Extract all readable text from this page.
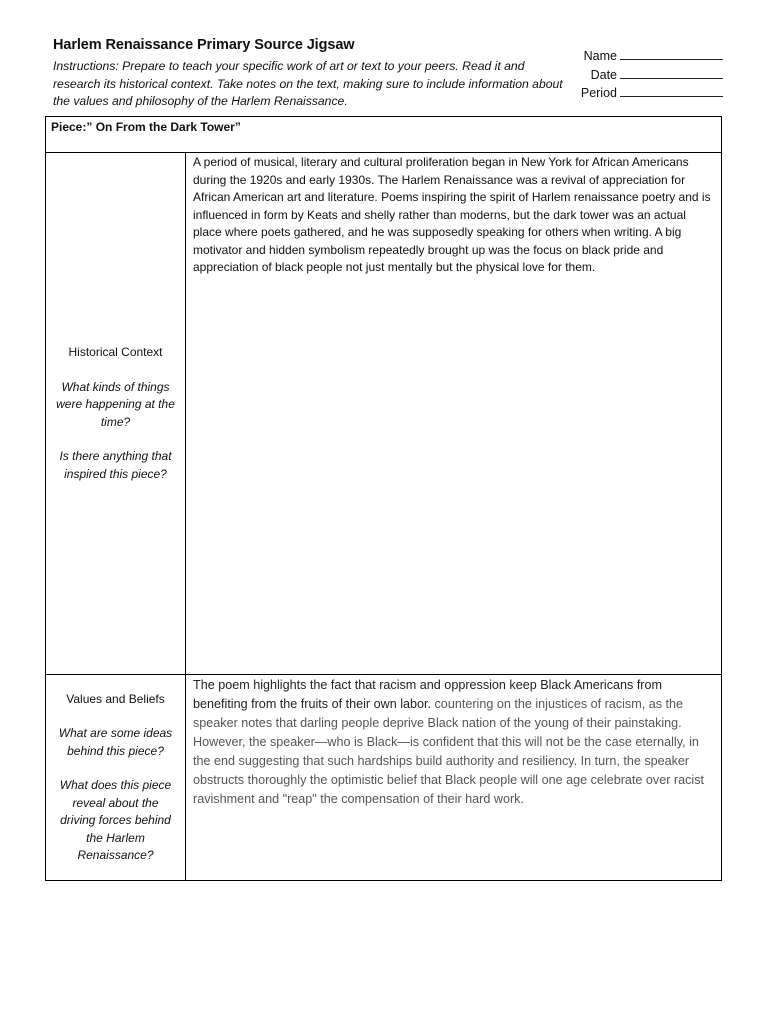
Harlem Renaissance Primary Source Jigsaw
Instructions: Prepare to teach your specific work of art or text to your peers. Read it and research its historical context. Take notes on the text, making sure to include information about the values and philosophy of the Harlem Renaissance.
Name
Date
Period
Piece:” On From the Dark Tower”
Historical Context
What kinds of things were happening at the time?
Is there anything that inspired this piece?
A period of musical, literary and cultural proliferation began in New York for African Americans during the 1920s and early 1930s. The Harlem Renaissance was a revival of appreciation for African American art and literature. Poems inspiring the spirit of Harlem renaissance poetry and is influenced in form by Keats and shelly rather than moderns, but the dark tower was an actual place where poets gathered, and he was supposedly speaking for others when writing. A big motivator and hidden symbolism repeatedly brought up was the focus on black pride and appreciation of black people not just mentally but the physical love for them.
Values and Beliefs
What are some ideas behind this piece?
What does this piece reveal about the driving forces behind the Harlem Renaissance?
The poem highlights the fact that racism and oppression keep Black Americans from benefiting from the fruits of their own labor. countering on the injustices of racism, as the speaker notes that darling people deprive Black nation of the young of their painstaking. However, the speaker—who is Black—is confident that this will not be the case eternally, in the end suggesting that such hardships build authority and resiliency. In turn, the speaker obstructs thoroughly the optimistic belief that Black people will one age celebrate over racist ravishment and "reap" the compensation of their hard work.
